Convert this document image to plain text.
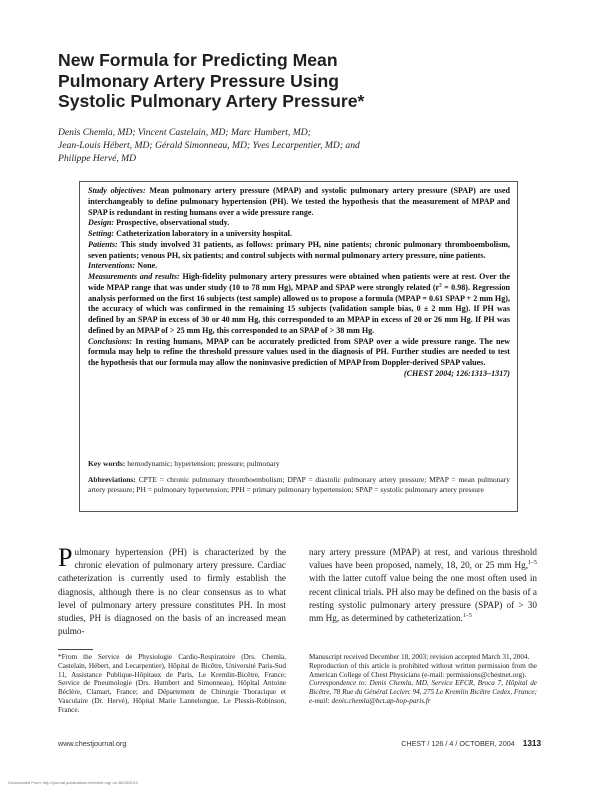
New Formula for Predicting Mean
Pulmonary Artery Pressure Using
Systolic Pulmonary Artery Pressure*
Denis Chemla, MD; Vincent Castelain, MD; Marc Humbert, MD;
Jean-Louis Hébert, MD; Gérald Simonneau, MD; Yves Lecarpentier, MD; and
Philippe Hervé, MD

Study objectives: Mean pulmonary artery pressure (MPAP) and systolic pulmonary artery pressure (SPAP) are used interchangeably to define pulmonary hypertension (PH). We tested the hypothesis that the measurement of MPAP and SPAP is redundant in resting humans over a wide pressure range.

Design: Prospective, observational study.

Setting: Catheterization laboratory in a university hospital.

Patients: This study involved 31 patients, as follows: primary PH, nine patients; chronic pulmonary thromboembolism, seven patients; venous PH, six patients; and control subjects with normal pulmonary artery pressure, nine patients.

Interventions: None.

Measurements and results: High-fidelity pulmonary artery pressures were obtained when patients were at rest. Over the wide MPAP range that was under study (10 to 78 mm Hg), MPAP and SPAP were strongly related $(r^2 = 0.98)$. Regression analysis performed on the first 16 subjects (test sample) allowed us to propose a formula (MPAP = 0.61 SPAP + 2 mm Hg), the accuracy of which was confirmed in the remaining 15 subjects (validation sample bias, 0 ± 2 mm Hg). If PH was defined by an SPAP in excess of 30 or 40 mm Hg, this corresponded to an MPAP in excess of 20 or 26 mm Hg. If PH was defined by an MPAP of > 25 mm Hg, this corresponded to an SPAP of > 38 mm Hg.

Conclusions: In resting humans, MPAP can be accurately predicted from SPAP over a wide pressure range. The new formula may help to refine the threshold pressure values used in the diagnosis of PH. Further studies are needed to test the hypothesis that our formula may allow the noninvasive prediction of MPAP from Doppler-derived SPAP values.

(CHEST 2004; 126:1313–1317)
Key words: hemodynamic; hypertension; pressure; pulmonary
Abbreviations: CPTE = chronic pulmonary thromboembolism; DPAP = diastolic pulmonary artery pressure; MPAP = mean pulmonary artery pressure; PH = pulmonary hypertension; PPH = primary pulmonary hypertension; SPAP = systolic pulmonary artery pressure
Pulmonary hypertension (PH) is characterized by the chronic elevation of pulmonary artery pressure. Cardiac catheterization is currently used to firmly establish the diagnosis, although there is no clear consensus as to what level of pulmonary artery pressure constitutes PH. In most studies, PH is diagnosed on the basis of an increased mean pulmo-
nary artery pressure (MPAP) at rest, and various threshold values have been proposed, namely, 18, 20, or 25 mm Hg,$^{1-5}$ with the latter cutoff value being the one most often used in recent clinical trials. PH also may be defined on the basis of a resting systolic pulmonary artery pressure (SPAP) of > 30 mm Hg, as determined by catheterization.$^{1-5}$
*From the Service de Physiologie Cardio-Respiratoire (Drs. Chemla, Castelain, Hébert, and Lecarpentier), Hôpital de Bicêtre, Université Paris-Sud 11, Assistance Publique-Hôpitaux de Paris, Le Kremlin-Bicêtre, France; Service de Pneumologie (Drs. Humbert and Simonneau), Hôpital Antoine Béclère, Clamart, France; and Département de Chirurgie Thoracique et Vasculaire (Dr. Hervé), Hôpital Marie Lannelongue, Le Plessis-Robinson, France.

Manuscript received December 18, 2003; revision accepted March 31, 2004.

Reproduction of this article is prohibited without written permission from the American College of Chest Physicians (e-mail: permissions@chestnet.org).

Correspondence to: Denis Chemla, MD, Service EFCR, Broca 7, Hôpital de Bicêtre, 78 Rue du Général Leclerc 94, 275 Le Kremlin Bicêtre Cedex, France; e-mail: denis.chemla@bct.ap-hop-paris.fr

www.chestjournal.org	CHEST / 126 / 4 / OCTOBER, 2004 1313
Downloaded From: http://journal.publications.chestnet.org/ on 08/23/2012
